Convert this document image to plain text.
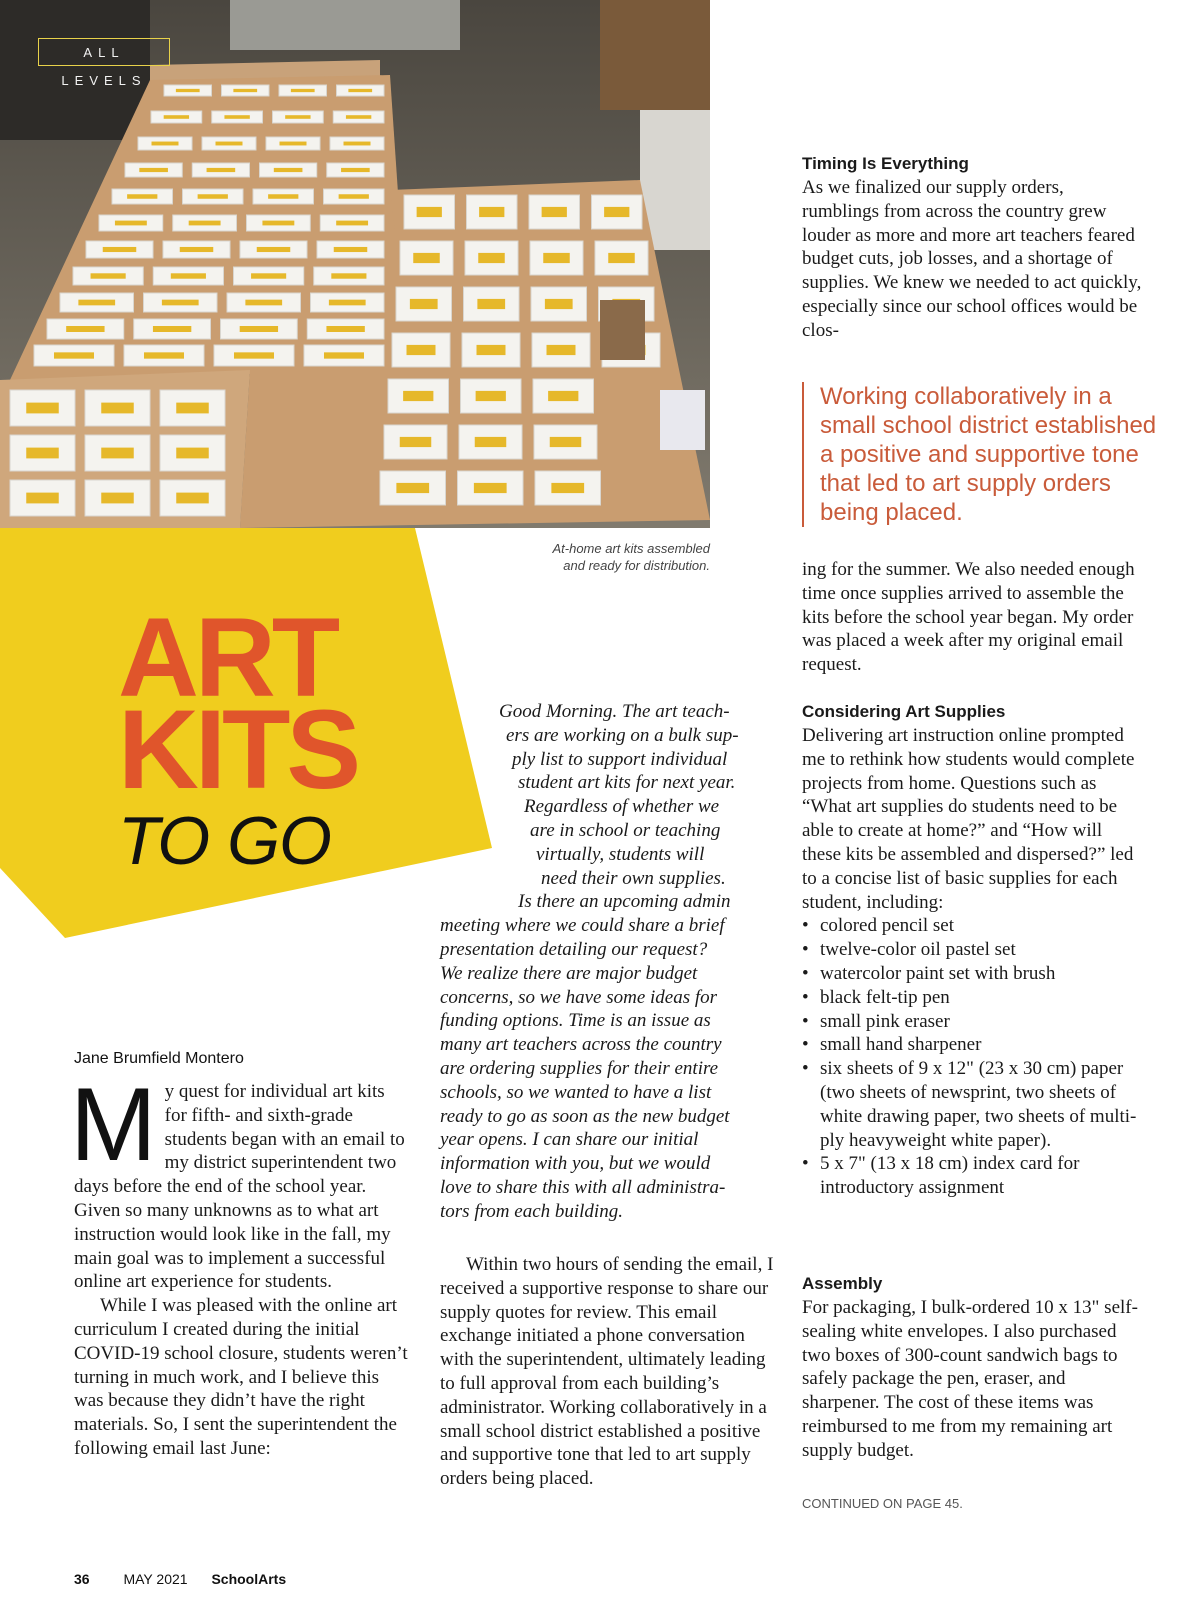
ALL LEVELS
At-home art kits assembled
and ready for distribution.
ART
KITS
TO GO
Jane Brumfield Montero

My quest for individual art kits for fifth- and sixth-grade students began with an email to my district superintendent two days before the end of the school year. Given so many unknowns as to what art instruction would look like in the fall, my main goal was to implement a successful online art experience for students.

While I was pleased with the online art curriculum I created during the initial COVID-19 school closure, students weren’t turning in much work, and I believe this was because they didn’t have the right materials. So, I sent the superintendent the following email last June:

Good Morning. The art teach-
ers are working on a bulk sup-
ply list to support individual
student art kits for next year.
Regardless of whether we
are in school or teaching
virtually, students will
need their own supplies.
Is there an upcoming admin
meeting where we could share a brief
presentation detailing our request?
We realize there are major budget
concerns, so we have some ideas for
funding options. Time is an issue as
many art teachers across the country
are ordering supplies for their entire
schools, so we wanted to have a list
ready to go as soon as the new budget
year opens. I can share our initial
information with you, but we would
love to share this with all administra-
tors from each building.

Within two hours of sending the email, I received a supportive response to share our supply quotes for review. This email exchange initiated a phone conversation with the superintendent, ultimately leading to full approval from each building’s administrator. Working collaboratively in a small school district established a positive and supportive tone that led to art supply orders being placed.

Timing Is Everything

As we finalized our supply orders, rumblings from across the country grew louder as more and more art teachers feared budget cuts, job losses, and a shortage of supplies. We knew we needed to act quickly, especially since our school offices would be clos-

Working collaboratively in a small school district established a positive and supportive tone that led to art supply orders being placed.

ing for the summer. We also needed enough time once supplies arrived to assemble the kits before the school year began. My order was placed a week after my original email request.

Considering Art Supplies

Delivering art instruction online prompted me to rethink how students would complete projects from home. Questions such as “What art supplies do students need to be able to create at home?” and “How will these kits be assembled and dispersed?” led to a concise list of basic supplies for each student, including:

• colored pencil set
• twelve-color oil pastel set
• watercolor paint set with brush
• black felt-tip pen
• small pink eraser
• small hand sharpener
• six sheets of 9 x 12" (23 x 30 cm) paper (two sheets of newsprint, two sheets of white drawing paper, two sheets of multi-ply heavyweight white paper).
• 5 x 7" (13 x 18 cm) index card for introductory assignment
Assembly

For packaging, I bulk-ordered 10 x 13" self-sealing white envelopes. I also purchased two boxes of 300-count sandwich bags to safely package the pen, eraser, and sharpener. The cost of these items was reimbursed to me from my remaining art supply budget.

CONTINUED ON PAGE 45.
36 MAY 2021 SchoolArts
